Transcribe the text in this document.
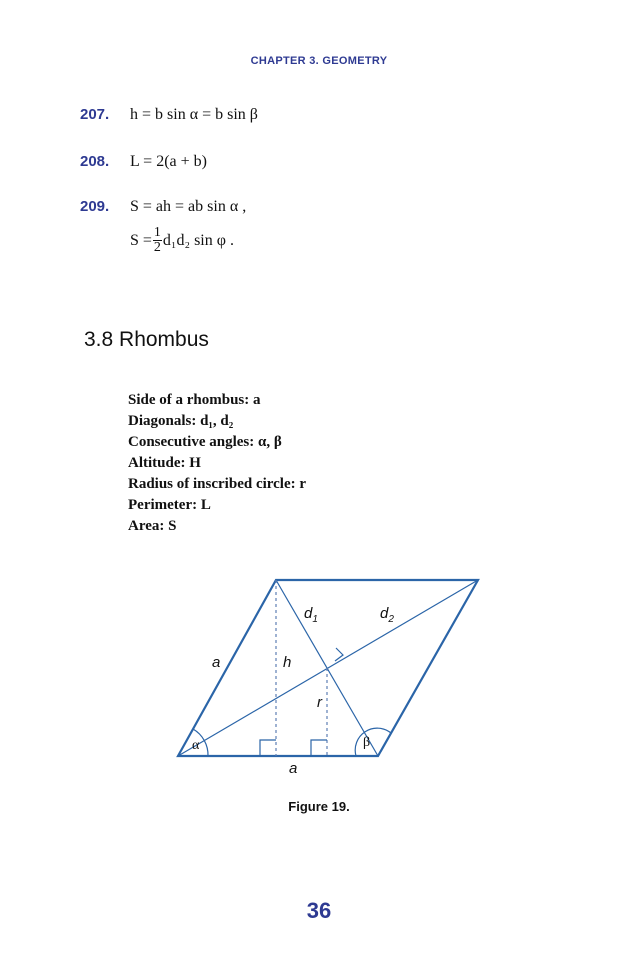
CHAPTER 3. GEOMETRY
207.	h = b sin α = b sin β
208.	L = 2(a + b)
209.	S = ah = ab sin α ,
$S = \frac{1}{2} d_1d_2$ sin φ .
3.8 Rhombus
Side of a rhombus: a
Diagonals: d₁, d₂
Consecutive angles: α, β
Altitude: H
Radius of inscribed circle: r
Perimeter: L
Area: S
a
a
h
r
$d_1$	$d_2$
α	β
Figure 19.
36
